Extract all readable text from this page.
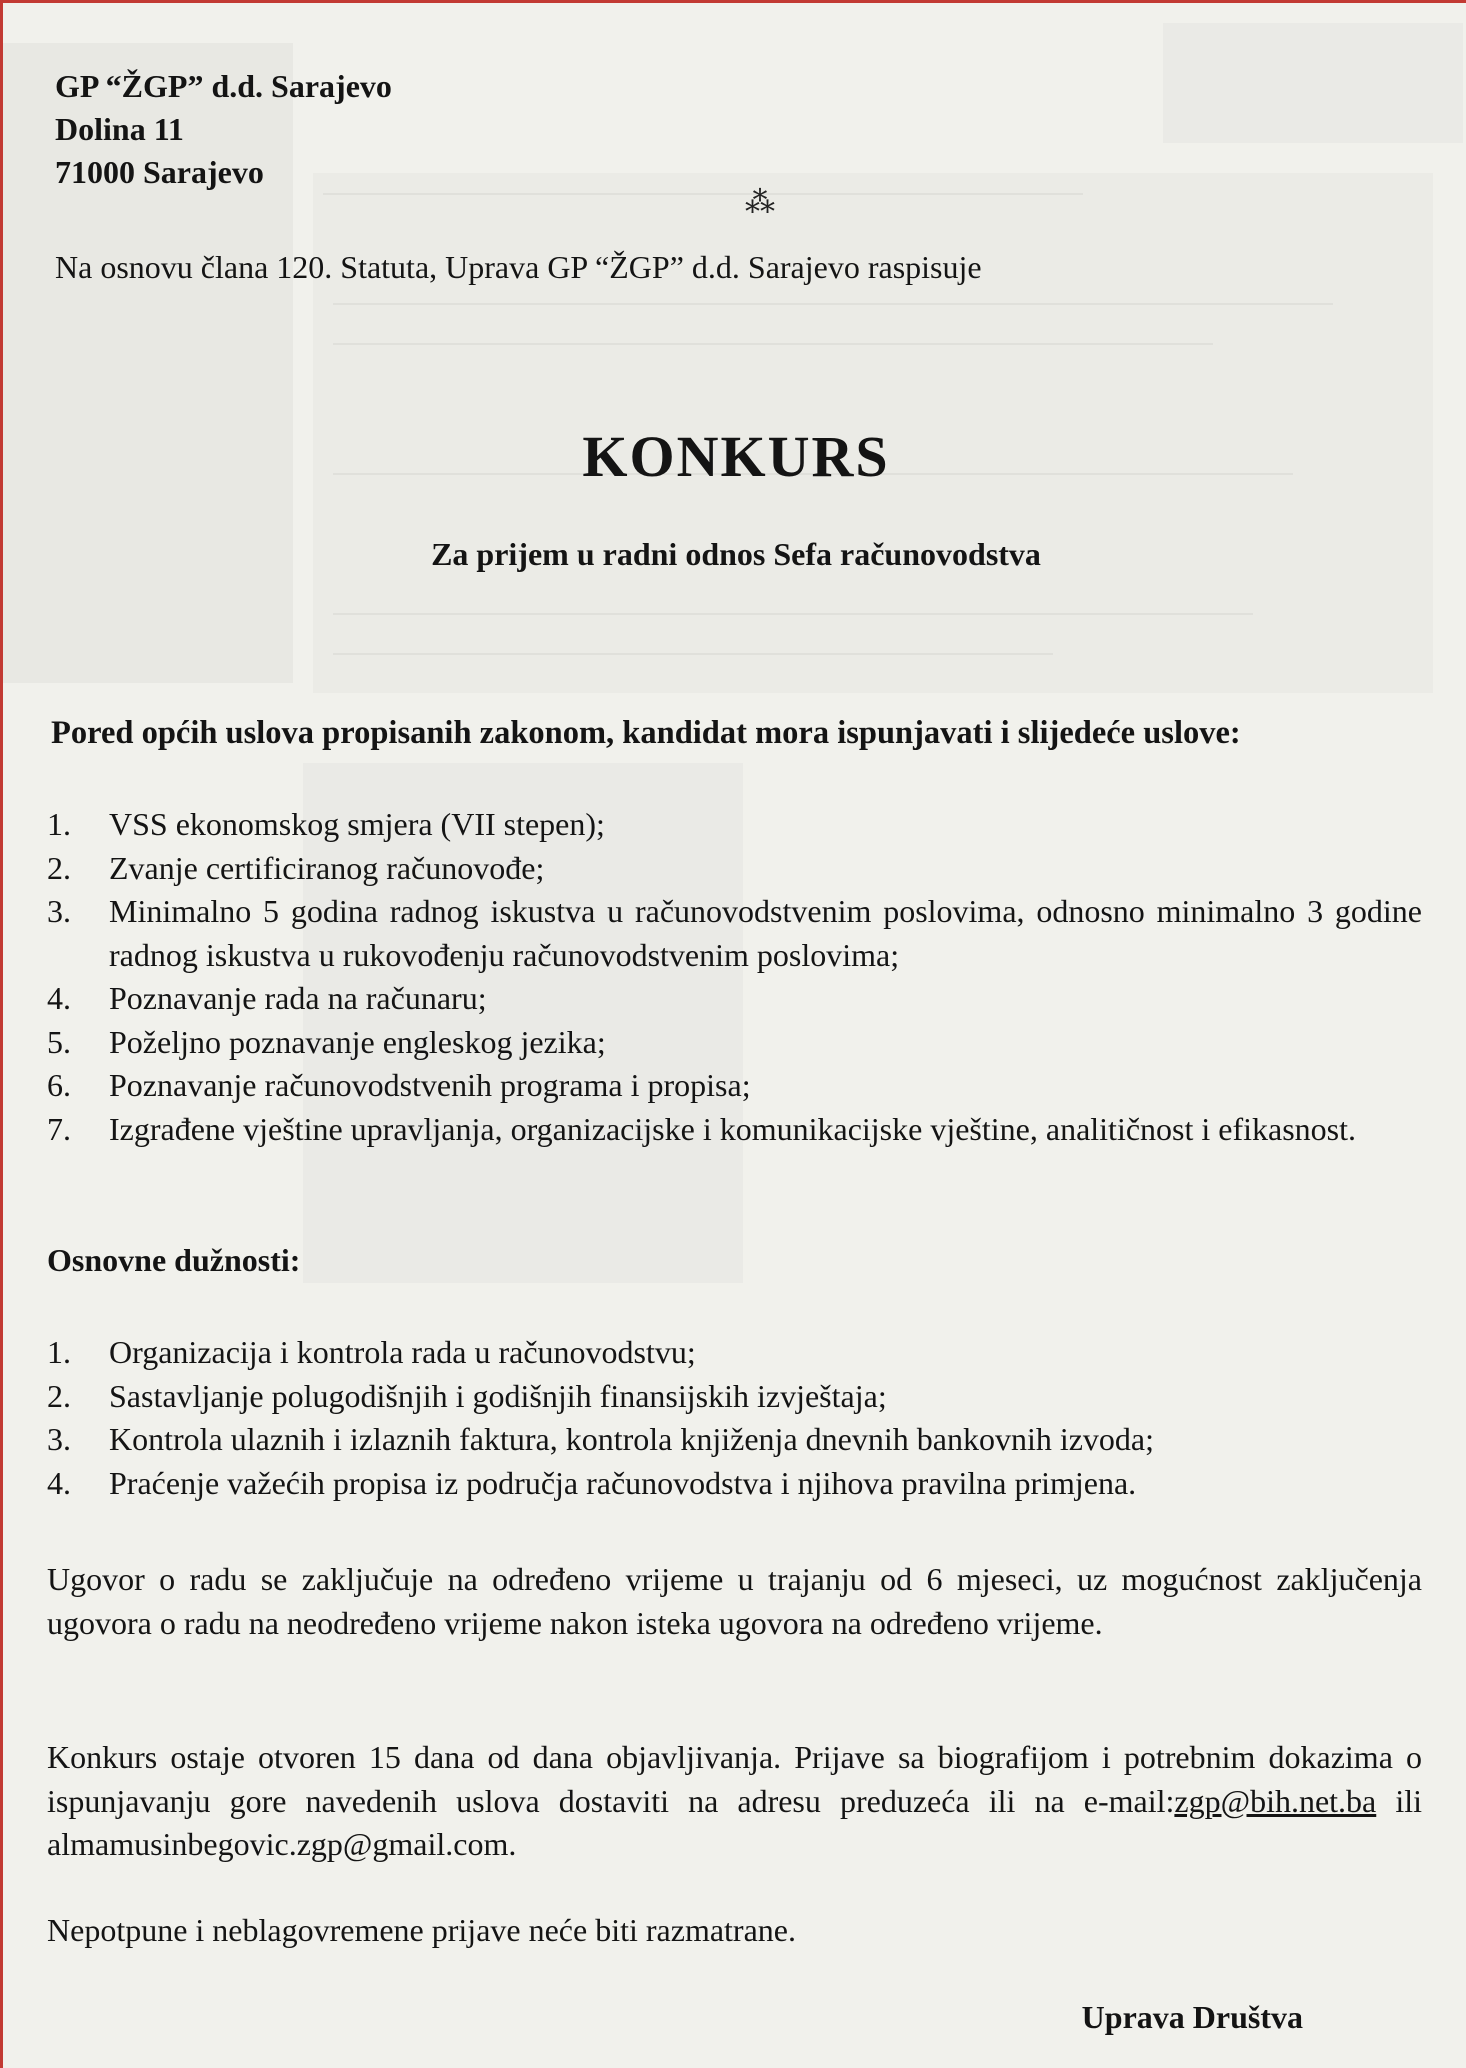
GP “ŽGP” d.d. Sarajevo
Dolina 11
71000 Sarajevo
⁂
Na osnovu člana 120. Statuta, Uprava GP “ŽGP” d.d. Sarajevo raspisuje
KONKURS
Za prijem u radni odnos Sefa računovodstva
Pored općih uslova propisanih zakonom, kandidat mora ispunjavati i slijedeće uslove:
1. VSS ekonomskog smjera (VII stepen);
2. Zvanje certificiranog računovođe;
3. Minimalno 5 godina radnog iskustva u računovodstvenim poslovima, odnosno minimalno 3 godine radnog iskustva u rukovođenju računovodstvenim poslovima;
4. Poznavanje rada na računaru;
5. Poželjno poznavanje engleskog jezika;
6. Poznavanje računovodstvenih programa i propisa;
7. Izgrađene vještine upravljanja, organizacijske i komunikacijske vještine, analitičnost i efikasnost.
Osnovne dužnosti:
1. Organizacija i kontrola rada u računovodstvu;
2. Sastavljanje polugodišnjih i godišnjih finansijskih izvještaja;
3. Kontrola ulaznih i izlaznih faktura, kontrola knjiženja dnevnih bankovnih izvoda;
4. Praćenje važećih propisa iz područja računovodstva i njihova pravilna primjena.

Ugovor o radu se zaključuje na određeno vrijeme u trajanju od 6 mjeseci, uz mogućnost zaključenja ugovora o radu na neodređeno vrijeme nakon isteka ugovora na određeno vrijeme.

Konkurs ostaje otvoren 15 dana od dana objavljivanja. Prijave sa biografijom i potrebnim dokazima o ispunjavanju gore navedenih uslova dostaviti na adresu preduzeća ili na e-mail:zgp@bih.net.ba ili almamusinbegovic.zgp@gmail.com.

Nepotpune i neblagovremene prijave neće biti razmatrane.

Uprava Društva
